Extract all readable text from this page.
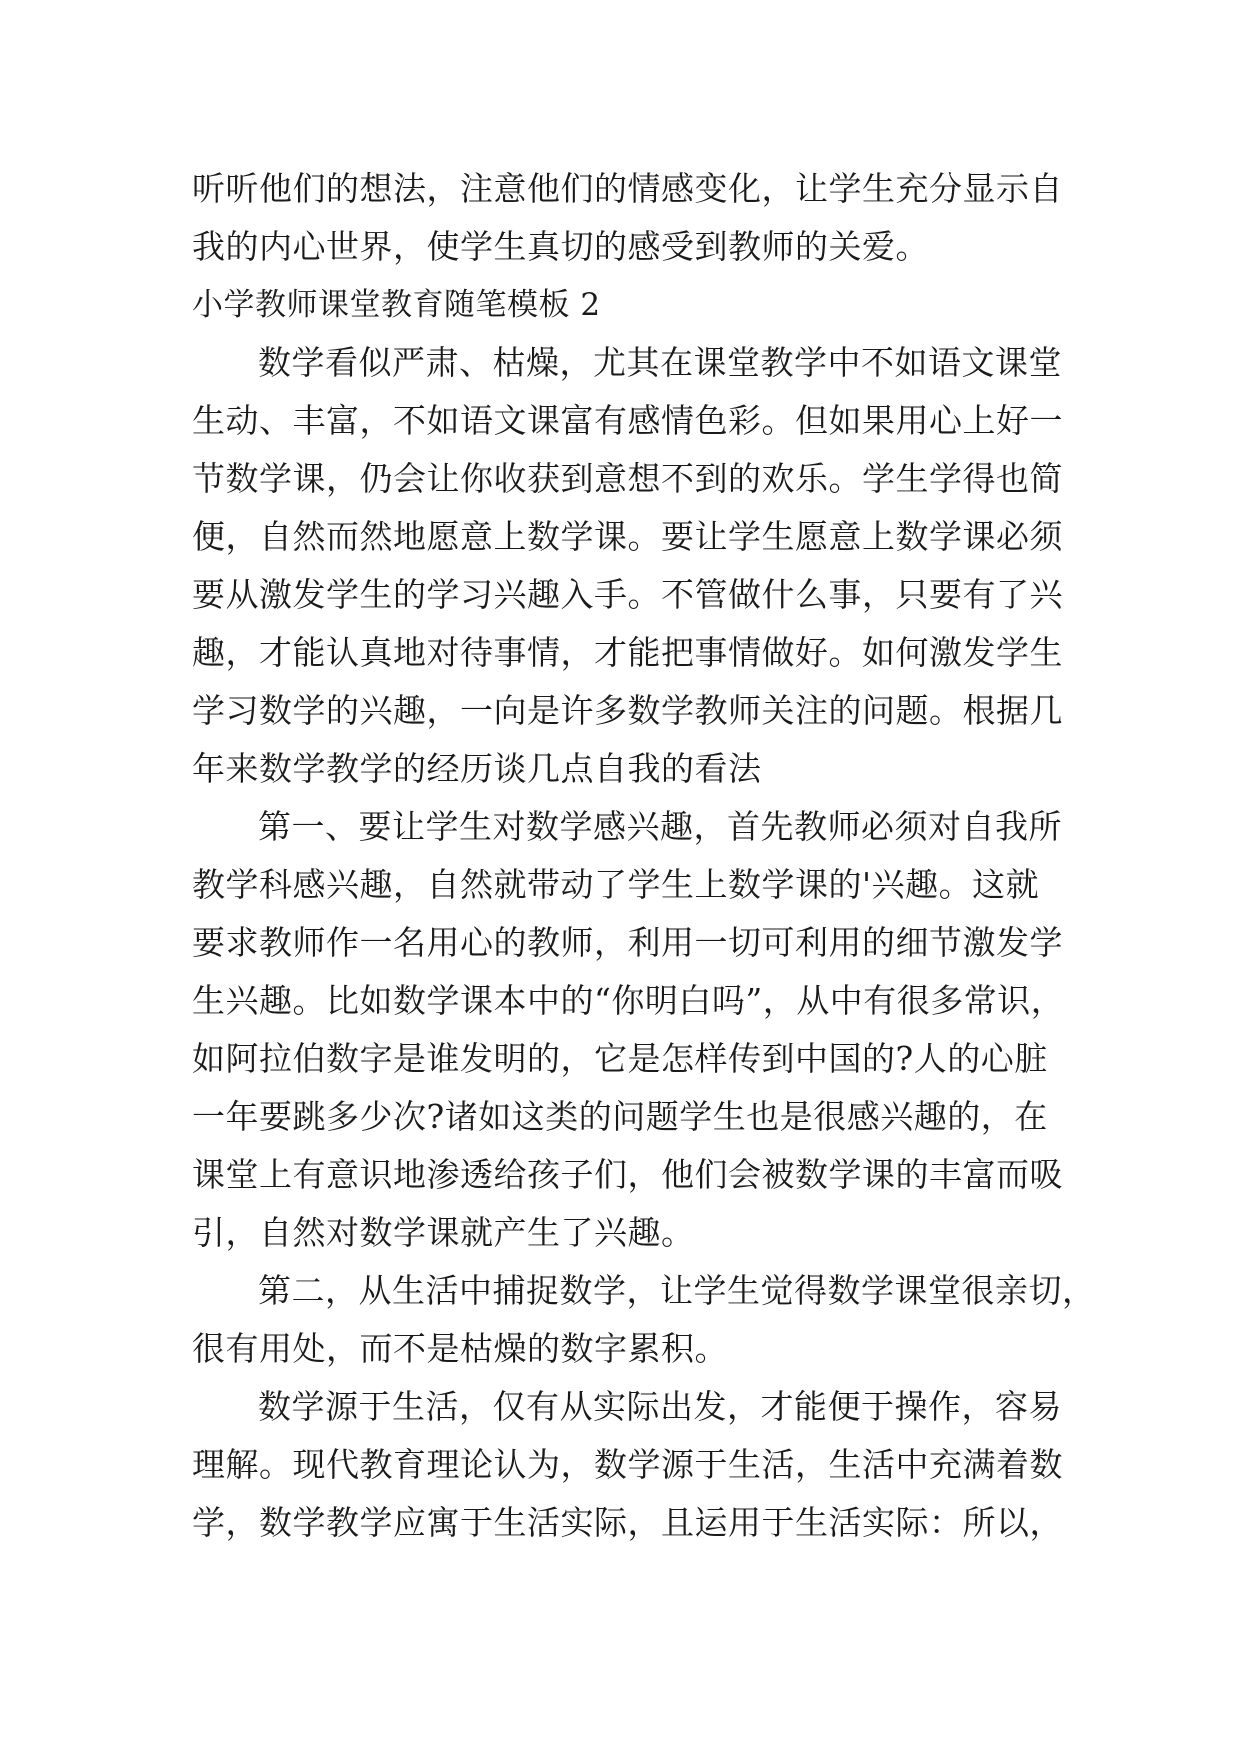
听听他们的想法，注意他们的情感变化，让学生充分显示自
我的内心世界，使学生真切的感受到教师的关爱。
小学教师课堂教育随笔模板 2
数学看似严肃、枯燥，尤其在课堂教学中不如语文课堂
生动、丰富，不如语文课富有感情色彩。但如果用心上好一
节数学课，仍会让你收获到意想不到的欢乐。学生学得也简
便，自然而然地愿意上数学课。要让学生愿意上数学课必须
要从激发学生的学习兴趣入手。不管做什么事，只要有了兴
趣，才能认真地对待事情，才能把事情做好。如何激发学生
学习数学的兴趣，一向是许多数学教师关注的问题。根据几
年来数学教学的经历谈几点自我的看法
第一、要让学生对数学感兴趣，首先教师必须对自我所
教学科感兴趣，自然就带动了学生上数学课的'兴趣。这就
要求教师作一名用心的教师，利用一切可利用的细节激发学
生兴趣。比如数学课本中的“你明白吗”，从中有很多常识，
如阿拉伯数字是谁发明的，它是怎样传到中国的?人的心脏
一年要跳多少次?诸如这类的问题学生也是很感兴趣的，在
课堂上有意识地渗透给孩子们，他们会被数学课的丰富而吸
引，自然对数学课就产生了兴趣。
第二，从生活中捕捉数学，让学生觉得数学课堂很亲切，
很有用处，而不是枯燥的数字累积。
数学源于生活，仅有从实际出发，才能便于操作，容易
理解。现代教育理论认为，数学源于生活，生活中充满着数
学，数学教学应寓于生活实际，且运用于生活实际：所以，
